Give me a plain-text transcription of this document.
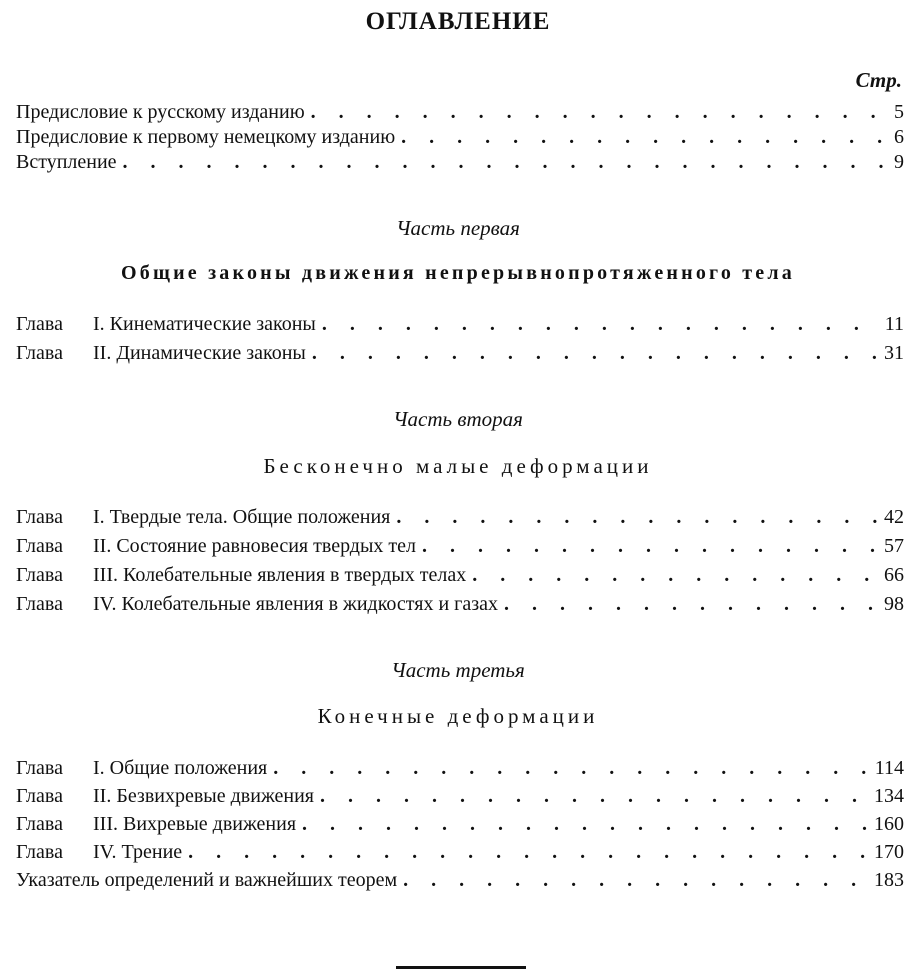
ОГЛАВЛЕНИЕ
Стр.
Предисловие к русскому изданию . . .	5
Предисловие к первому немецкому изданию . . .	6
Вступление . . .	9
Часть первая
Общие законы движения непрерывнопротяженного тела
Глава I. Кинематические законы . . .	11
Глава II. Динамические законы . . .	31
Часть вторая
Бесконечно малые деформации
Глава I. Твердые тела. Общие положения . . .	42
Глава II. Состояние равновесия твердых тел . . .	57
Глава III. Колебательные явления в твердых телах . . .	66
Глава IV. Колебательные явления в жидкостях и газах . . .	98
Часть третья
Конечные деформации
Глава I. Общие положения . . .	114
Глава II. Безвихревые движения . . .	134
Глава III. Вихревые движения . . .	160
Глава IV. Трение . . .	170
Указатель определений и важнейших теорем . . .	183
